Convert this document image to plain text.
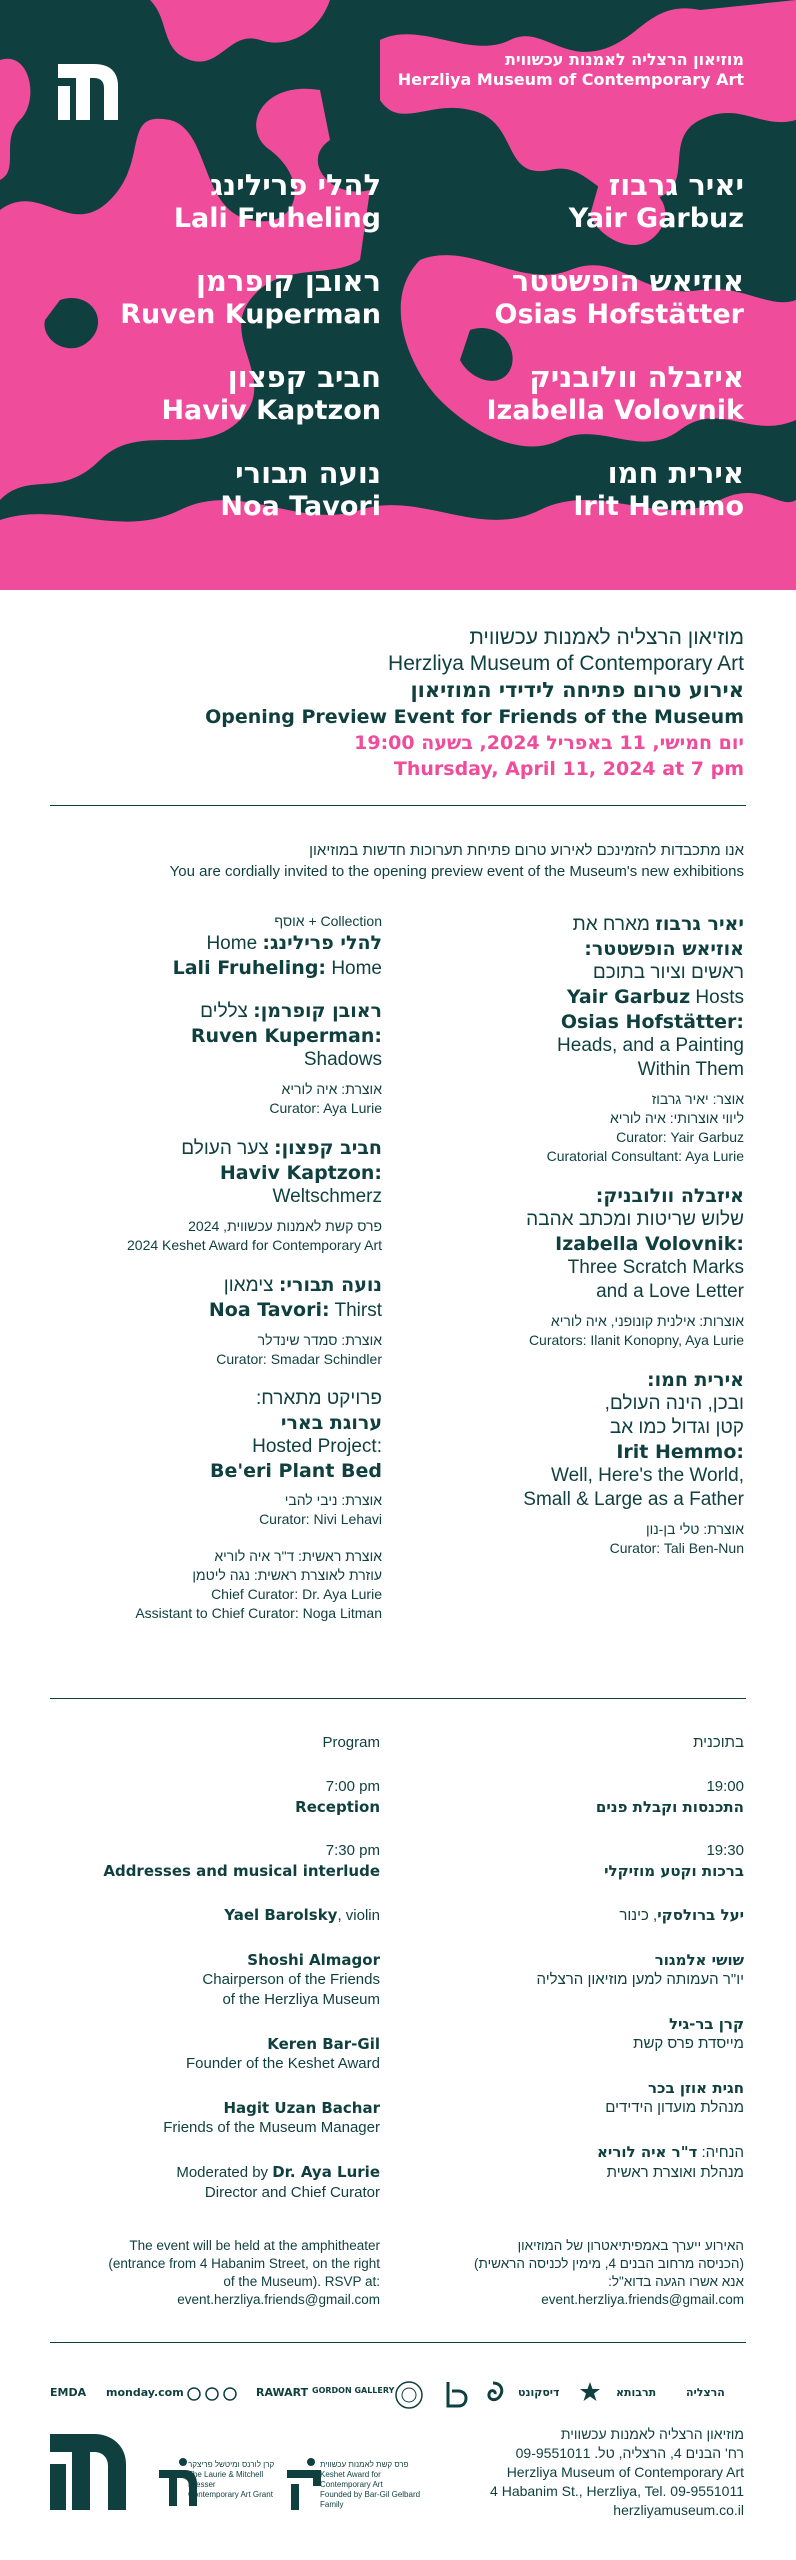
מוזיאון הרצליה לאמנות עכשווית
Herzliya Museum of Contemporary Art
יאיר גרבוז
Yair Garbuz
להלי פרילינג
Lali Fruheling
אוזיאש הופשטטר
Osias Hofstätter
ראובן קופרמן
Ruven Kuperman
איזבלה וולובניק
Izabella Volovnik
חביב קפצון
Haviv Kaptzon
אירית חמו
Irit Hemmo
נועה תבורי
Noa Tavori
מוזיאון הרצליה לאמנות עכשווית
Herzliya Museum of Contemporary Art
אירוע טרום פתיחה לידידי המוזיאון
Opening Preview Event for Friends of the Museum
יום חמישי, 11 באפריל 2024, בשעה 19:00
Thursday, April 11, 2024 at 7 pm
אנו מתכבדות להזמינכם לאירוע טרום פתיחת תערוכות חדשות במוזיאון
You are cordially invited to the opening preview event of the Museum's new exhibitions
יאיר גרבוז מארח את
אוזיאש הופשטטר:
ראשים וציור בתוכם
Yair Garbuz Hosts
Osias Hofstätter:
Heads, and a Painting
Within Them
אוצר: יאיר גרבוז
ליווי אוצרותי: איה לוריא
Curator: Yair Garbuz
Curatorial Consultant: Aya Lurie
איזבלה וולובניק:
שלוש שריטות ומכתב אהבה
Izabella Volovnik:
Three Scratch Marks
and a Love Letter
אוצרות: אילנית קונופני, איה לוריא
Curators: Ilanit Konopny, Aya Lurie
אירית חמו:
ובכן, הינה העולם,
קטן וגדול כמו אב
Irit Hemmo:
Well, Here's the World,
Small & Large as a Father
אוצרת: טלי בן-נון
Curator: Tali Ben-Nun
אוסף + Collection
להלי פרילינג: Home
Lali Fruheling: Home
ראובן קופרמן: צללים
Ruven Kuperman:
Shadows
אוצרת: איה לוריא
Curator: Aya Lurie
חביב קפצון: צער העולם
Haviv Kaptzon:
Weltschmerz
פרס קשת לאמנות עכשווית, 2024
2024 Keshet Award for Contemporary Art
נועה תבורי: צימאון
Noa Tavori: Thirst
אוצרת: סמדר שינדלר
Curator: Smadar Schindler
פרויקט מתארח:
ערוגת בארי
Hosted Project:
Be'eri Plant Bed
אוצרת: ניבי להבי
Curator: Nivi Lehavi
אוצרת ראשית: ד"ר איה לוריא
עוזרת לאוצרת ראשית: נגה ליטמן
Chief Curator: Dr. Aya Lurie
Assistant to Chief Curator: Noga Litman
Program
7:00 pm
Reception
7:30 pm
Addresses and musical interlude
Yael Barolsky, violin
Shoshi Almagor
Chairperson of the Friends
of the Herzliya Museum
Keren Bar-Gil
Founder of the Keshet Award
Hagit Uzan Bachar
Friends of the Museum Manager
Moderated by Dr. Aya Lurie
Director and Chief Curator
בתוכנית
19:00
התכנסות וקבלת פנים
19:30
ברכות וקטע מוזיקלי
יעל ברולסקי, כינור
שושי אלמגור
יו"ר העמותה למען מוזיאון הרצליה
קרן בר-גיל
מייסדת פרס קשת
חגית אוזן בכר
מנהלת מועדון הידידים
הנחיה: ד"ר איה לוריא
מנהלת ואוצרת ראשית
The event will be held at the amphitheater
(entrance from 4 Habanim Street, on the right
of the Museum). RSVP at:
event.herzliya.friends@gmail.com
האירוע ייערך באמפיתיאטרון של המוזיאון
(הכניסה מרחוב הבנים 4, מימין לכניסה הראשית)
אנא אשרו הגעה בדוא"ל:
event.herzliya.friends@gmail.com
EMDA monday.com	RAWART GORDON GALLERY	דיסקונט	תרבותא	הרצליה
קרן לורנס ומיטשל פריצקר
The Laurie & Mitchell Presser
Contemporary Art Grant
פרס קשת לאמנות עכשווית
Keshet Award for Contemporary Art
Founded by Bar-Gil Gelbard Family
מוזיאון הרצליה לאמנות עכשווית
רח' הבנים 4, הרצליה, טל. 09-9551011
Herzliya Museum of Contemporary Art
4 Habanim St., Herzliya, Tel. 09-9551011
herzliyamuseum.co.il
